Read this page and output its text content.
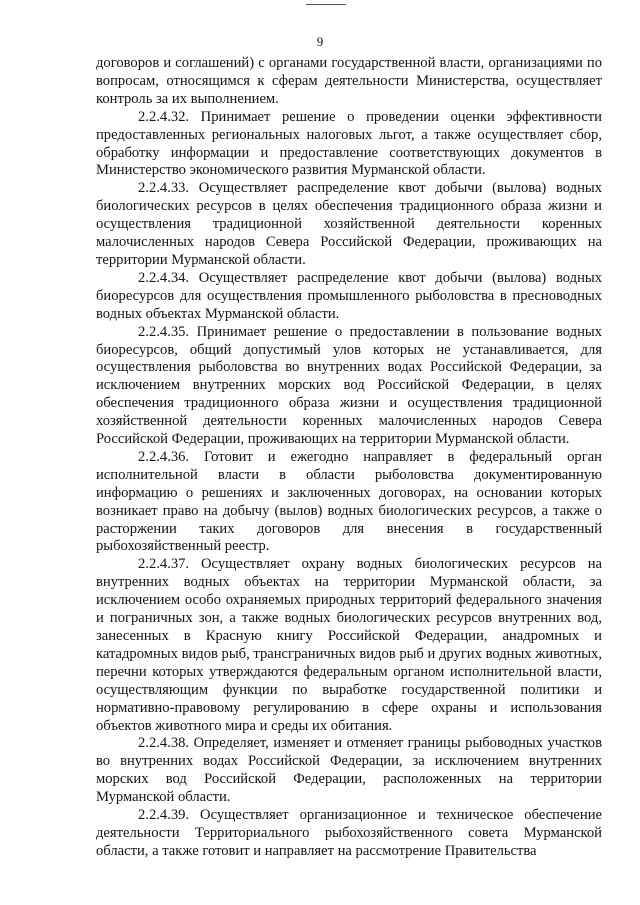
9

договоров и соглашений) с органами государственной власти, организациями по вопросам, относящимся к сферам деятельности Министерства, осуществляет контроль за их выполнением.

2.2.4.32. Принимает решение о проведении оценки эффективности предоставленных региональных налоговых льгот, а также осуществляет сбор, обработку информации и предоставление соответствующих документов в Министерство экономического развития Мурманской области.

2.2.4.33. Осуществляет распределение квот добычи (вылова) водных биологических ресурсов в целях обеспечения традиционного образа жизни и осуществления традиционной хозяйственной деятельности коренных малочисленных народов Севера Российской Федерации, проживающих на территории Мурманской области.

2.2.4.34. Осуществляет распределение квот добычи (вылова) водных биоресурсов для осуществления промышленного рыболовства в пресноводных водных объектах Мурманской области.

2.2.4.35. Принимает решение о предоставлении в пользование водных биоресурсов, общий допустимый улов которых не устанавливается, для осуществления рыболовства во внутренних водах Российской Федерации, за исключением внутренних морских вод Российской Федерации, в целях обеспечения традиционного образа жизни и осуществления традиционной хозяйственной деятельности коренных малочисленных народов Севера Российской Федерации, проживающих на территории Мурманской области.

2.2.4.36. Готовит и ежегодно направляет в федеральный орган исполнительной власти в области рыболовства документированную информацию о решениях и заключенных договорах, на основании которых возникает право на добычу (вылов) водных биологических ресурсов, а также о расторжении таких договоров для внесения в государственный рыбохозяйственный реестр.

2.2.4.37. Осуществляет охрану водных биологических ресурсов на внутренних водных объектах на территории Мурманской области, за исключением особо охраняемых природных территорий федерального значения и пограничных зон, а также водных биологических ресурсов внутренних вод, занесенных в Красную книгу Российской Федерации, анадромных и катадромных видов рыб, трансграничных видов рыб и других водных животных, перечни которых утверждаются федеральным органом исполнительной власти, осуществляющим функции по выработке государственной политики и нормативно-правовому регулированию в сфере охраны и использования объектов животного мира и среды их обитания.

2.2.4.38. Определяет, изменяет и отменяет границы рыбоводных участков во внутренних водах Российской Федерации, за исключением внутренних морских вод Российской Федерации, расположенных на территории Мурманской области.

2.2.4.39. Осуществляет организационное и техническое обеспечение деятельности Территориального рыбохозяйственного совета Мурманской области, а также готовит и направляет на рассмотрение Правительства
